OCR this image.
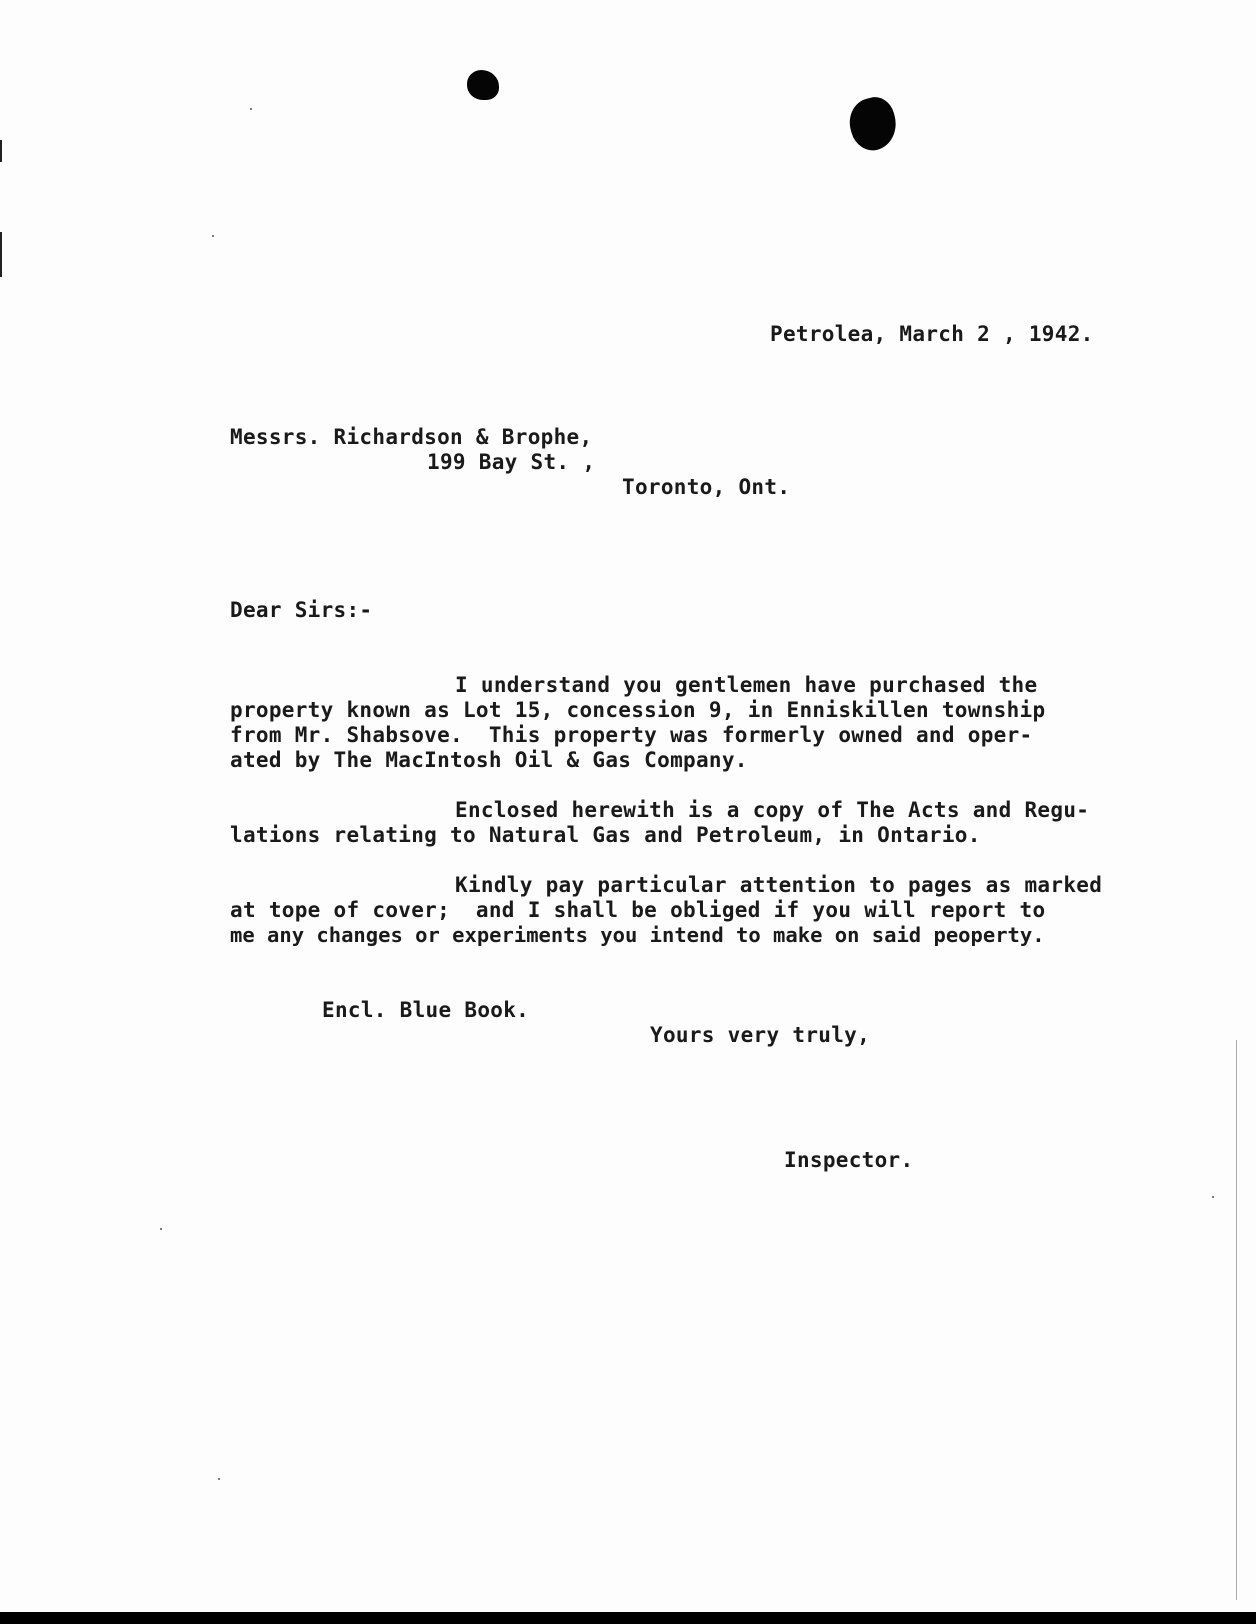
Petrolea, March 2 , 1942.
Messrs. Richardson & Brophe,
199 Bay St. ,
Toronto, Ont.
Dear Sirs:-
I understand you gentlemen have purchased the
property known as Lot 15, concession 9, in Enniskillen township
from Mr. Shabsove.  This property was formerly owned and oper-
ated by The MacIntosh Oil & Gas Company.
Enclosed herewith is a copy of The Acts and Regu-
lations relating to Natural Gas and Petroleum, in Ontario.
Kindly pay particular attention to pages as marked
at tope of cover;  and I shall be obliged if you will report to
me any changes or experiments you intend to make on said peoperty.
Encl. Blue Book.
Yours very truly,
Inspector.
